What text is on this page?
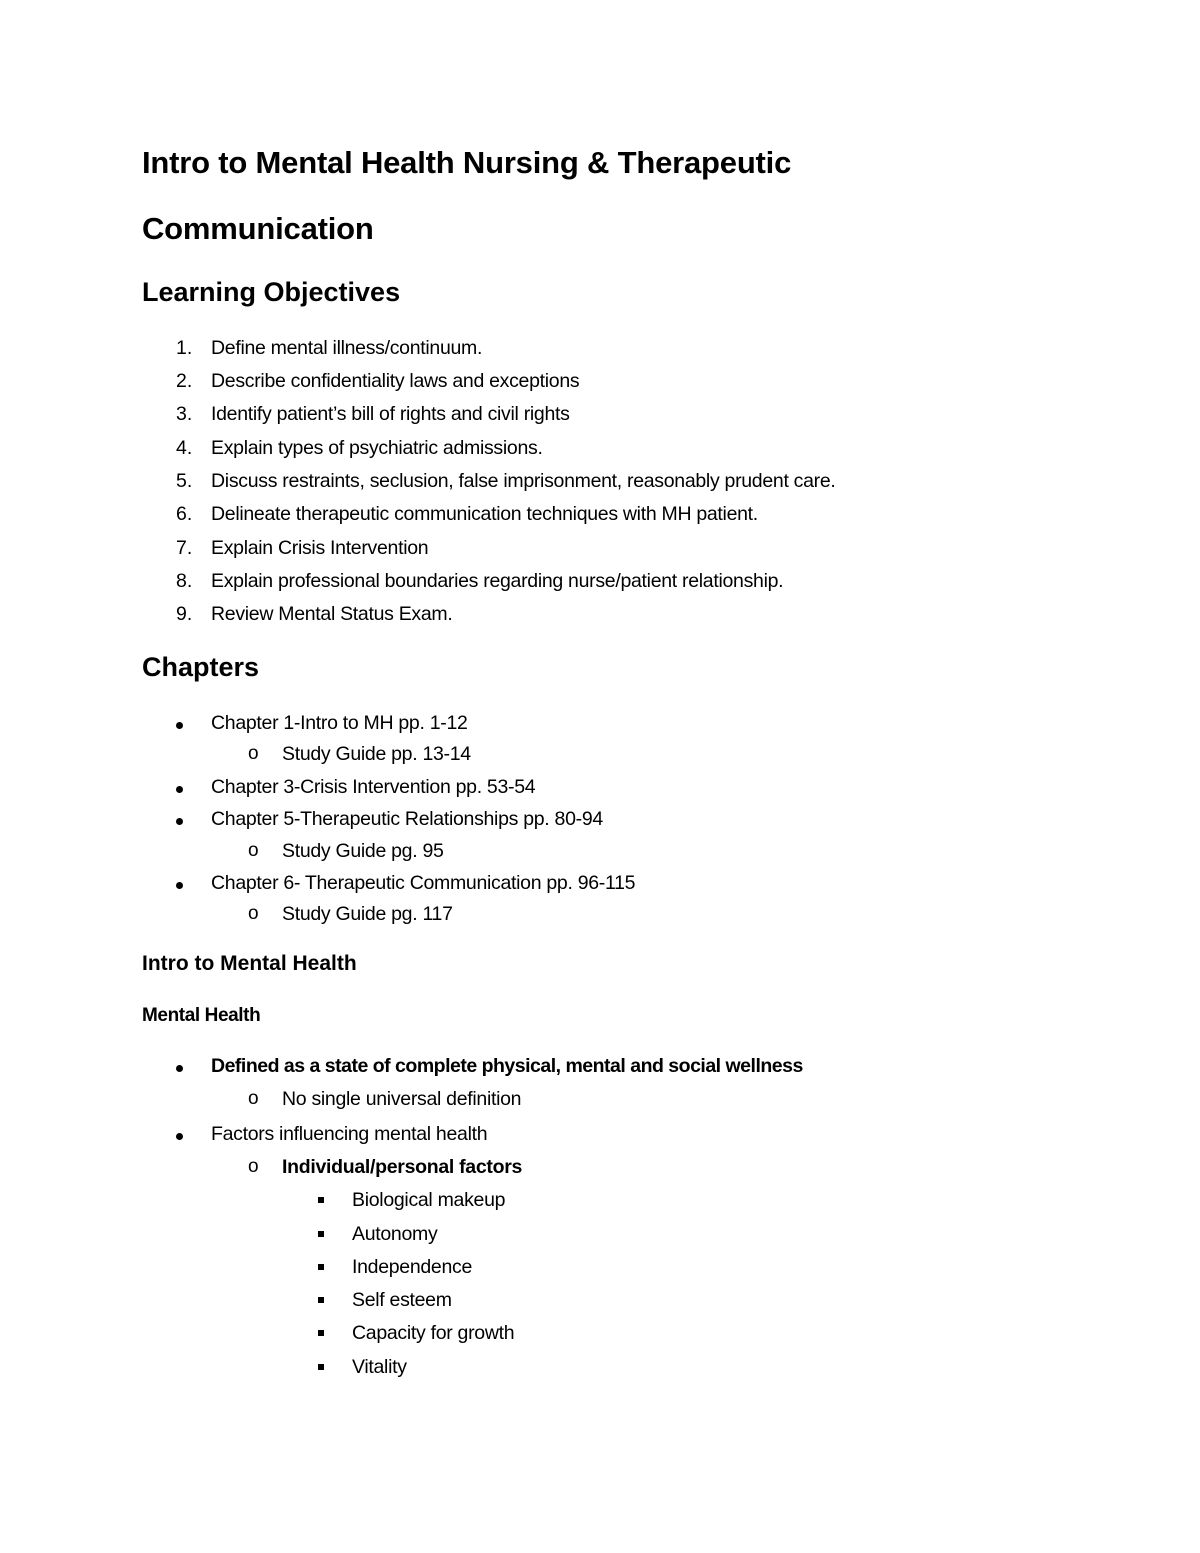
Intro to Mental Health Nursing & Therapeutic
Communication
Learning Objectives
1. Define mental illness/continuum.
2. Describe confidentiality laws and exceptions
3. Identify patient’s bill of rights and civil rights
4. Explain types of psychiatric admissions.
5. Discuss restraints, seclusion, false imprisonment, reasonably prudent care.
6. Delineate therapeutic communication techniques with MH patient.
7. Explain Crisis Intervention
8. Explain professional boundaries regarding nurse/patient relationship.
9. Review Mental Status Exam.
Chapters
Chapter 1-Intro to MH pp. 1-12
o Study Guide pp. 13-14
Chapter 3-Crisis Intervention pp. 53-54
Chapter 5-Therapeutic Relationships pp. 80-94
o Study Guide pg. 95
Chapter 6- Therapeutic Communication pp. 96-115
o Study Guide pg. 117
Intro to Mental Health
Mental Health
Defined as a state of complete physical, mental and social wellness
o No single universal definition
Factors influencing mental health
o Individual/personal factors
Biological makeup
Autonomy
Independence
Self esteem
Capacity for growth
Vitality
